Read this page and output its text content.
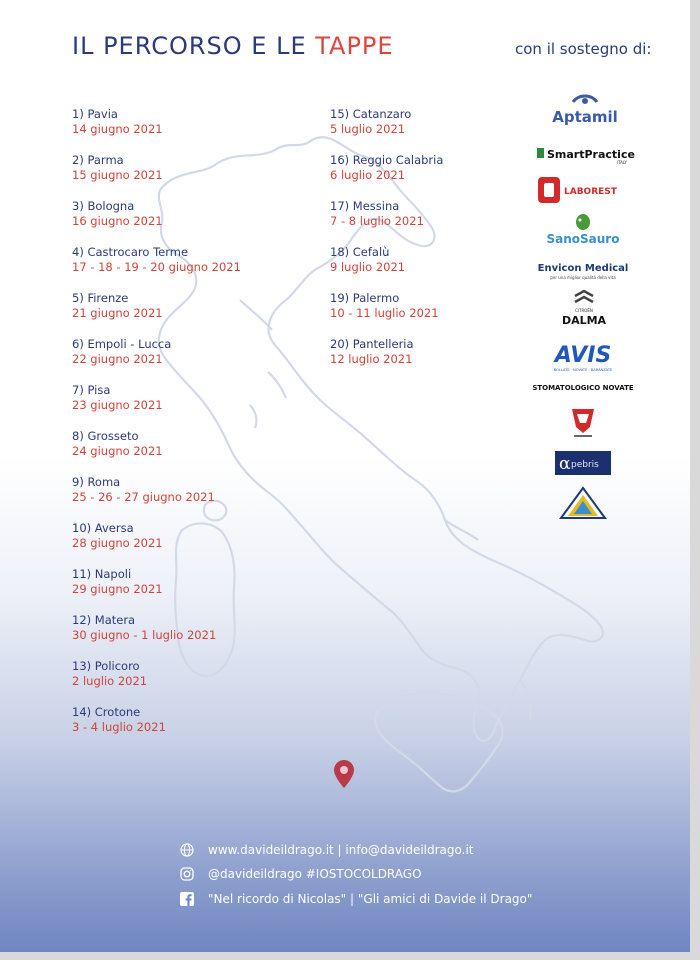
IL PERCORSO E LE TAPPE	con il sostegno di:
1) Pavia
14 giugno 2021
2) Parma
15 giugno 2021
3) Bologna
16 giugno 2021
4) Castrocaro Terme
17 - 18 - 19 - 20 giugno 2021
5) Firenze
21 giugno 2021
6) Empoli - Lucca
22 giugno 2021
7) Pisa
23 giugno 2021
8) Grosseto
24 giugno 2021
9) Roma
25 - 26 - 27 giugno 2021
10) Aversa
28 giugno 2021
11) Napoli
29 giugno 2021
12) Matera
30 giugno - 1 luglio 2021
13) Policoro
2 luglio 2021
14) Crotone
3 - 4 luglio 2021
15) Catanzaro
5 luglio 2021
16) Reggio Calabria
6 luglio 2021
17) Messina
7 - 8 luglio 2021
18) Cefalù
9 luglio 2021
19) Palermo
10 - 11 luglio 2021
20) Pantelleria
12 luglio 2021
Aptamil
SmartPractice
ITALY
LABOREST
SanoSauro
Envicon Medical
per una miglior qualità della vita
CITROËN
DALMA
AVIS
BOLLATE · NOVATE · BARANZATE
STOMATOLOGICO NOVATE
α pebris
www.davideildrago.it | info@davideildrago.it
@davideildrago #IOSTOCOLDRAGO
"Nel ricordo di Nicolas" | "Gli amici di Davide il Drago"
